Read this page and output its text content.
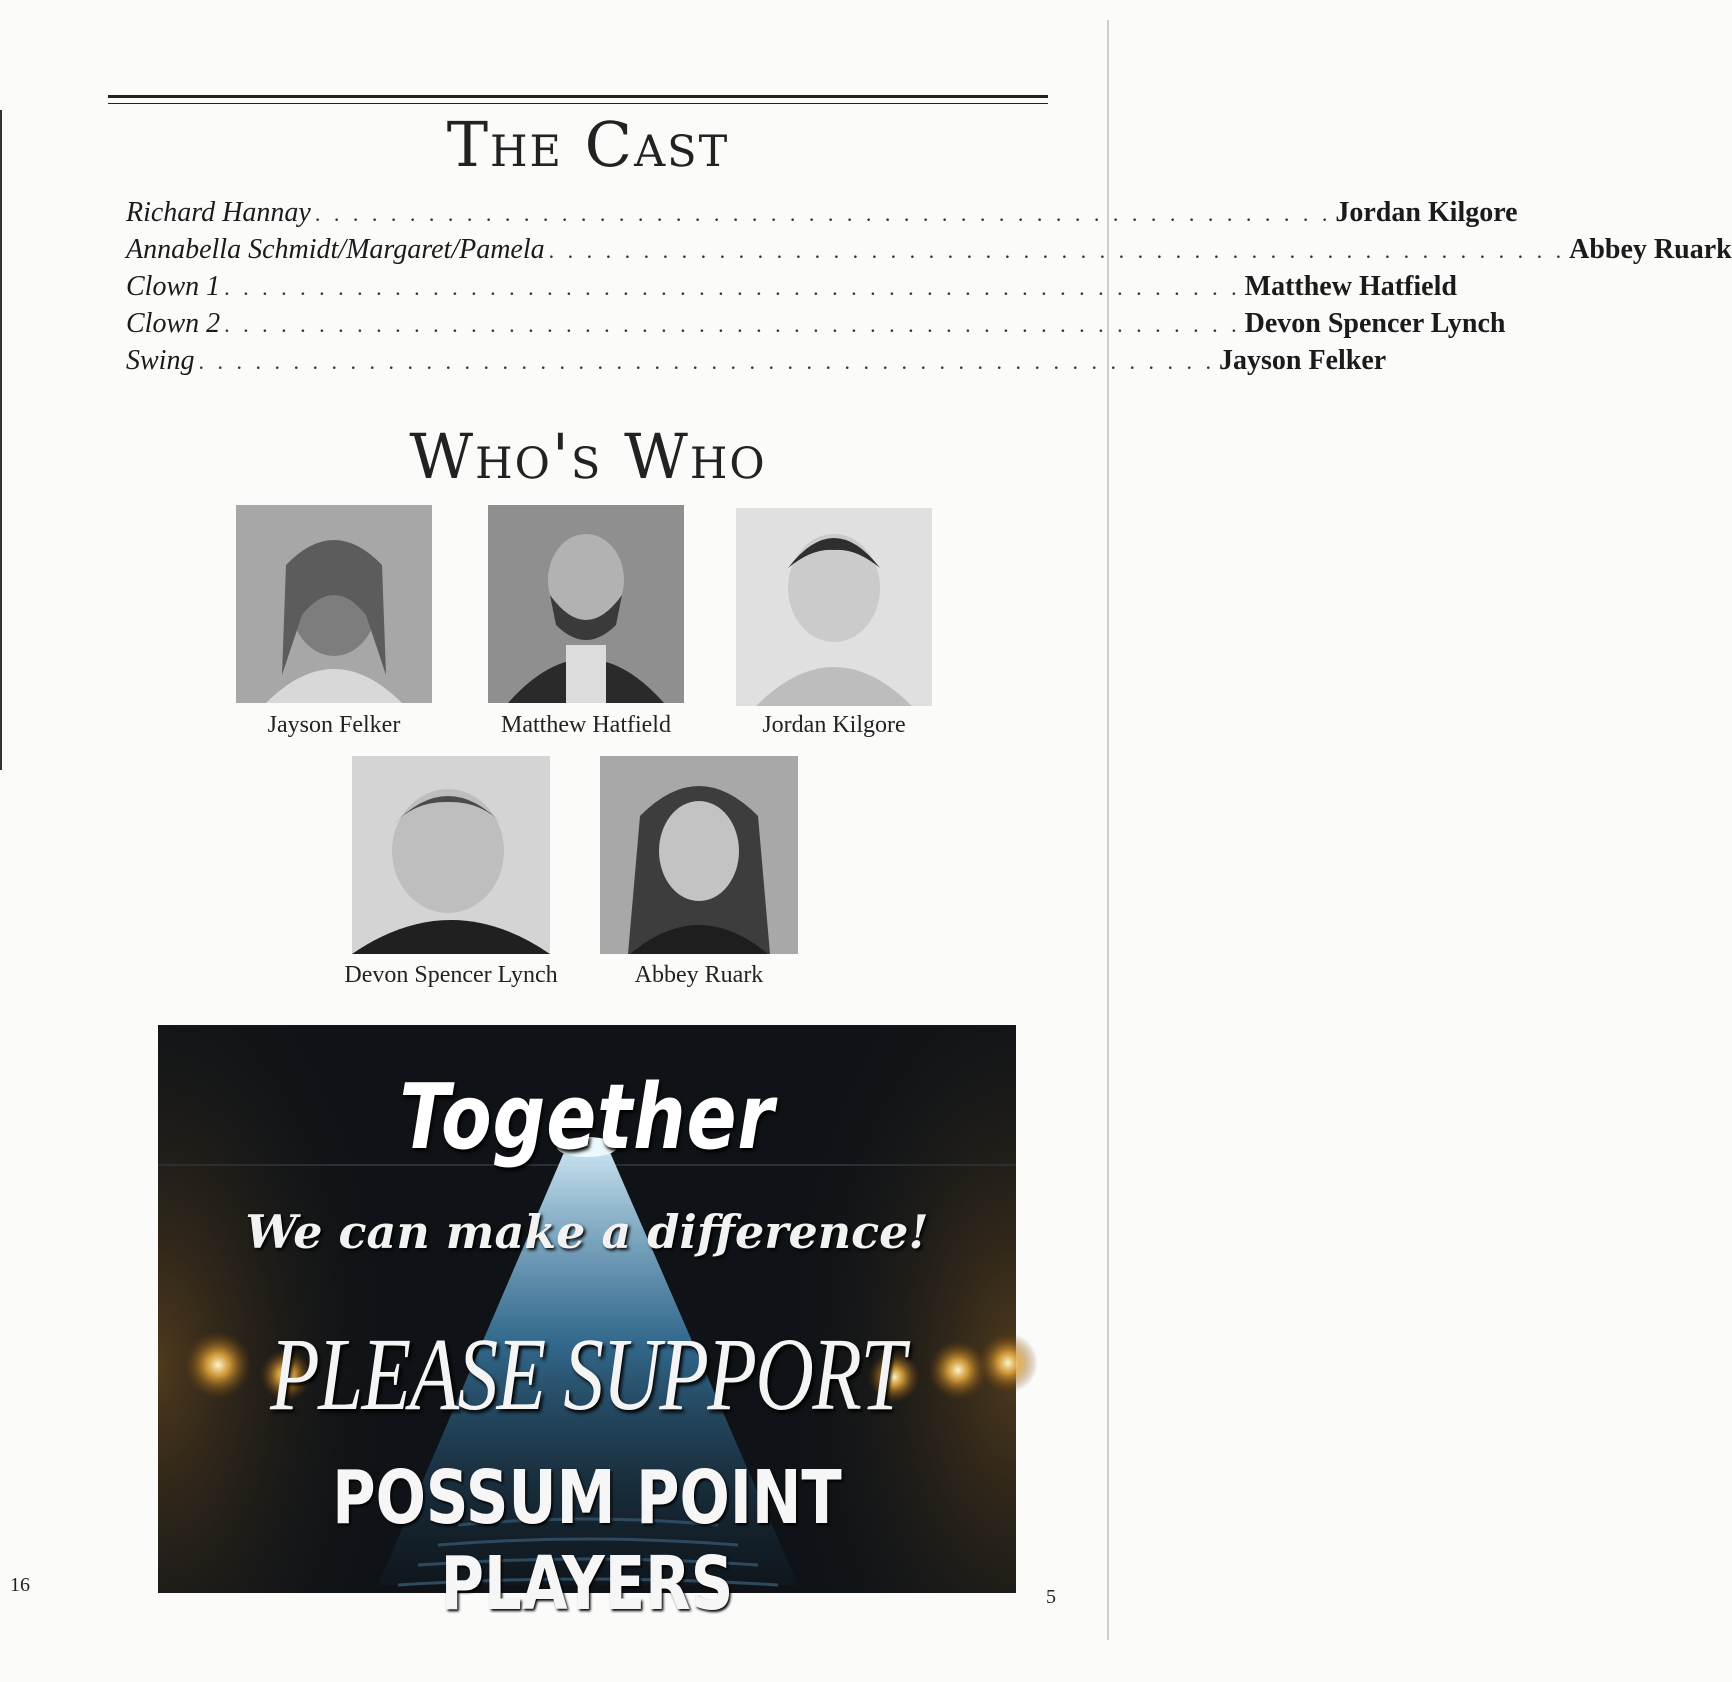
The Cast
Richard Hannay . . . . . . . . . . . . . . . . . . . . . . . . . . . . . . . . . . . . . . . . . . . . . . . . . . . . . . Jordan Kilgore
Annabella Schmidt/Margaret/Pamela . . . . . . . . . . . . . . . . . . . . . . . . . . . . . . . . . . . . . . . . . . . . . . . . . . . . . . Abbey Ruark
Clown 1 . . . . . . . . . . . . . . . . . . . . . . . . . . . . . . . . . . . . . . . . . . . . . . . . . . . . . . Matthew Hatfield
Clown 2 . . . . . . . . . . . . . . . . . . . . . . . . . . . . . . . . . . . . . . . . . . . . . . . . . . . . . . Devon Spencer Lynch
Swing . . . . . . . . . . . . . . . . . . . . . . . . . . . . . . . . . . . . . . . . . . . . . . . . . . . . . . Jayson Felker
Who's Who
Jayson Felker	Matthew Hatfield	Jordan Kilgore
Devon Spencer Lynch	Abbey Ruark
Together
We can make a difference!
PLEASE SUPPORT
POSSUM POINT PLAYERS
16
5
